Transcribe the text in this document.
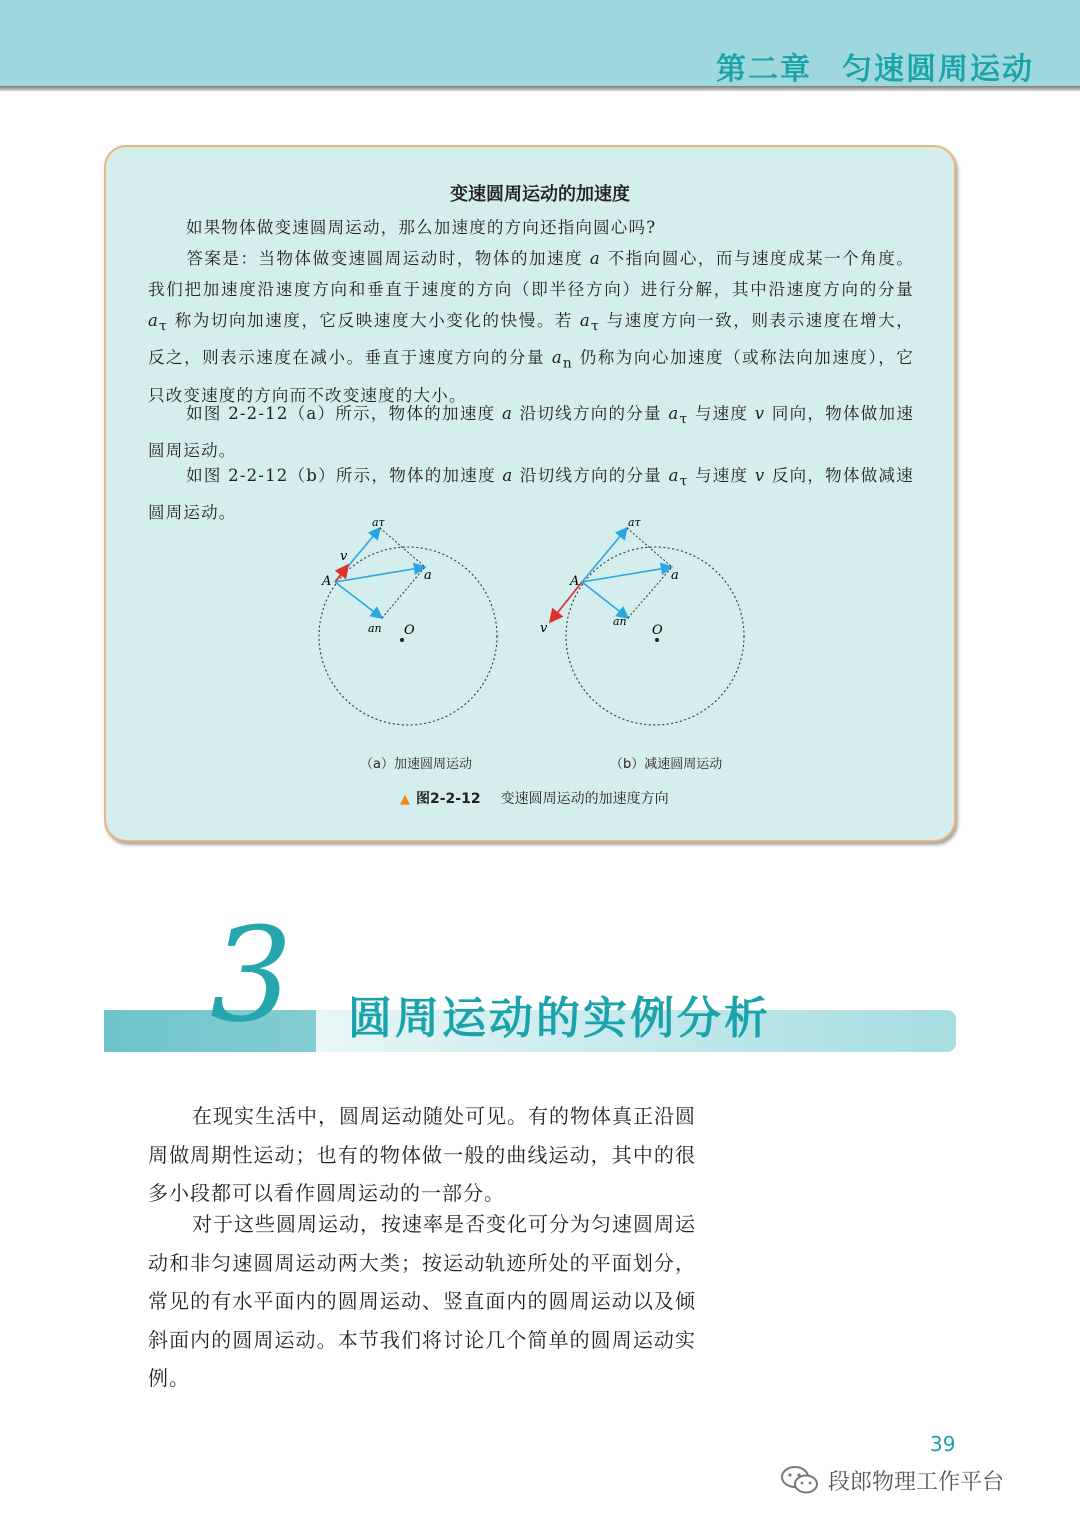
第二章 匀速圆周运动
变速圆周运动的加速度
如果物体做变速圆周运动，那么加速度的方向还指向圆心吗?
答案是：当物体做变速圆周运动时，物体的加速度 a 不指向圆心，而与速度成某一个角度。我们把加速度沿速度方向和垂直于速度的方向（即半径方向）进行分解，其中沿速度方向的分量 $a_\tau$ 称为切向加速度，它反映速度大小变化的快慢。若 $a_\tau$ 与速度方向一致，则表示速度在增大，反之，则表示速度在减小。垂直于速度方向的分量 $a_n$ 仍称为向心加速度（或称法向加速度），它只改变速度的方向而不改变速度的大小。
如图 2-2-12（a）所示，物体的加速度 a 沿切线方向的分量 $a_\tau$ 与速度 v 同向，物体做加速圆周运动。
如图 2-2-12（b）所示，物体的加速度 a 沿切线方向的分量 $a_\tau$ 与速度 v 反向，物体做减速圆周运动。
A
v
aτ
a
an O
A
v
aτ
a
an
O
（a）加速圆周运动	（b）减速圆周运动
▲ 图2-2-12 变速圆周运动的加速度方向
3 圆周运动的实例分析
在现实生活中，圆周运动随处可见。有的物体真正沿圆周做周期性运动；也有的物体做一般的曲线运动，其中的很多小段都可以看作圆周运动的一部分。
对于这些圆周运动，按速率是否变化可分为匀速圆周运动和非匀速圆周运动两大类；按运动轨迹所处的平面划分，常见的有水平面内的圆周运动、竖直面内的圆周运动以及倾斜面内的圆周运动。本节我们将讨论几个简单的圆周运动实例。
39
段郎物理工作平台
